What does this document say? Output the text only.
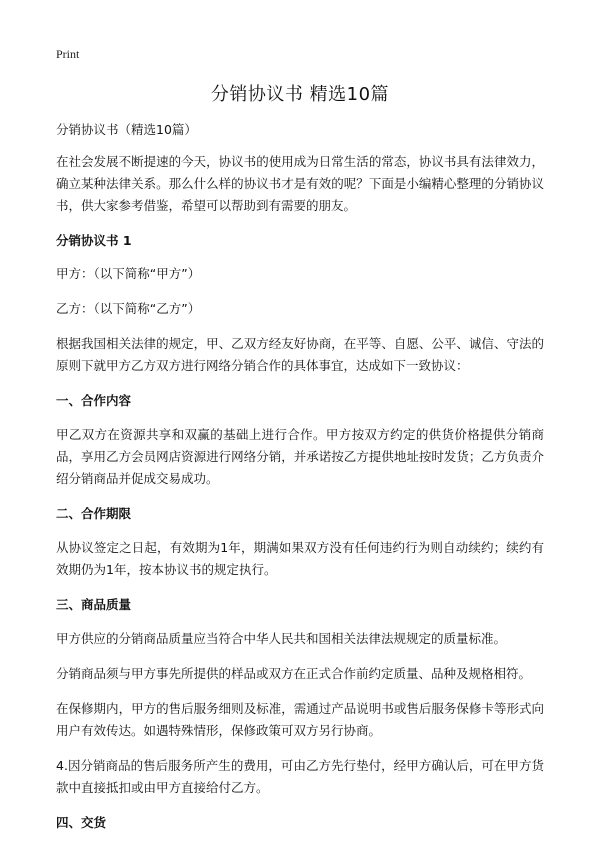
Print
分销协议书 精选10篇

分销协议书（精选10篇）

在社会发展不断提速的今天，协议书的使用成为日常生活的常态，协议书具有法律效力，确立某种法律关系。那么什么样的协议书才是有效的呢？下面是小编精心整理的分销协议书，供大家参考借鉴，希望可以帮助到有需要的朋友。

分销协议书 1

甲方：（以下简称“甲方”）

乙方：（以下简称“乙方”）

根据我国相关法律的规定，甲、乙双方经友好协商，在平等、自愿、公平、诚信、守法的原则下就甲方乙方双方进行网络分销合作的具体事宜，达成如下一致协议：

一、合作内容

甲乙双方在资源共享和双赢的基础上进行合作。甲方按双方约定的供货价格提供分销商品，享用乙方会员网店资源进行网络分销，并承诺按乙方提供地址按时发货；乙方负责介绍分销商品并促成交易成功。

二、合作期限

从协议签定之日起，有效期为1年，期满如果双方没有任何违约行为则自动续约；续约有效期仍为1年，按本协议书的规定执行。

三、商品质量

甲方供应的分销商品质量应当符合中华人民共和国相关法律法规规定的质量标准。

分销商品须与甲方事先所提供的样品或双方在正式合作前约定质量、品种及规格相符。

在保修期内，甲方的售后服务细则及标准，需通过产品说明书或售后服务保修卡等形式向用户有效传达。如遇特殊情形，保修政策可双方另行协商。

4.因分销商品的售后服务所产生的费用，可由乙方先行垫付，经甲方确认后，可在甲方货款中直接抵扣或由甲方直接给付乙方。

四、交货
